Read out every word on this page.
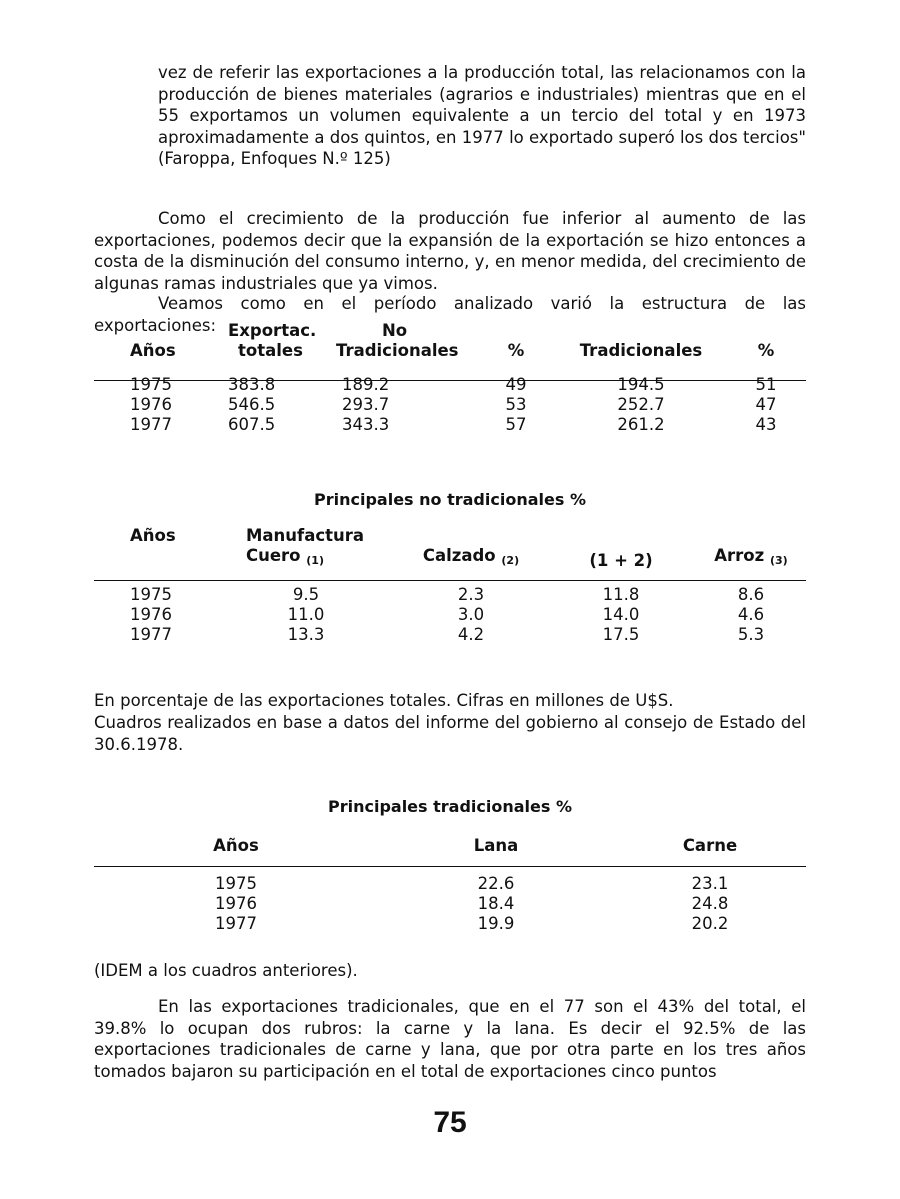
vez de referir las exportaciones a la producción total, las relacionamos con la producción de bienes materiales (agrarios e industriales) mientras que en el 55 exportamos un volumen equivalente a un tercio del total y en 1973 aproximadamente a dos quintos, en 1977 lo exportado superó los dos tercios" (Faroppa, Enfoques N.º 125)
Como el crecimiento de la producción fue inferior al aumento de las exportaciones, podemos decir que la expansión de la exportación se hizo entonces a costa de la disminución del consumo interno, y, en menor medida, del crecimiento de algunas ramas industriales que ya vimos.
Veamos como en el período analizado varió la estructura de las exportaciones:
	Exportac.	No			
Años	totales	Tradicionales	%	Tradicionales	%

1975	383.8	189.2	49	194.5	51
1976	546.5	293.7	53	252.7	47
1977	607.5	343.3	57	261.2	43
Principales no tradicionales %
Años	Manufactura			
	Cuero $_{(1)}$	Calzado $_{(2)}$	(1 + 2)	Arroz $_{(3)}$

1975	9.5	2.3	11.8	8.6
1976	11.0	3.0	14.0	4.6
1977	13.3	4.2	17.5	5.3
En porcentaje de las exportaciones totales. Cifras en millones de U$S.
Cuadros realizados en base a datos del informe del gobierno al consejo de Estado del 30.6.1978.
Principales tradicionales %
Años	Lana	Carne

1975	22.6	23.1
1976	18.4	24.8
1977	19.9	20.2
(IDEM a los cuadros anteriores).
En las exportaciones tradicionales, que en el 77 son el 43% del total, el 39.8% lo ocupan dos rubros: la carne y la lana. Es decir el 92.5% de las exportaciones tradicionales de carne y lana, que por otra parte en los tres años tomados bajaron su participación en el total de exportaciones cinco puntos
75
